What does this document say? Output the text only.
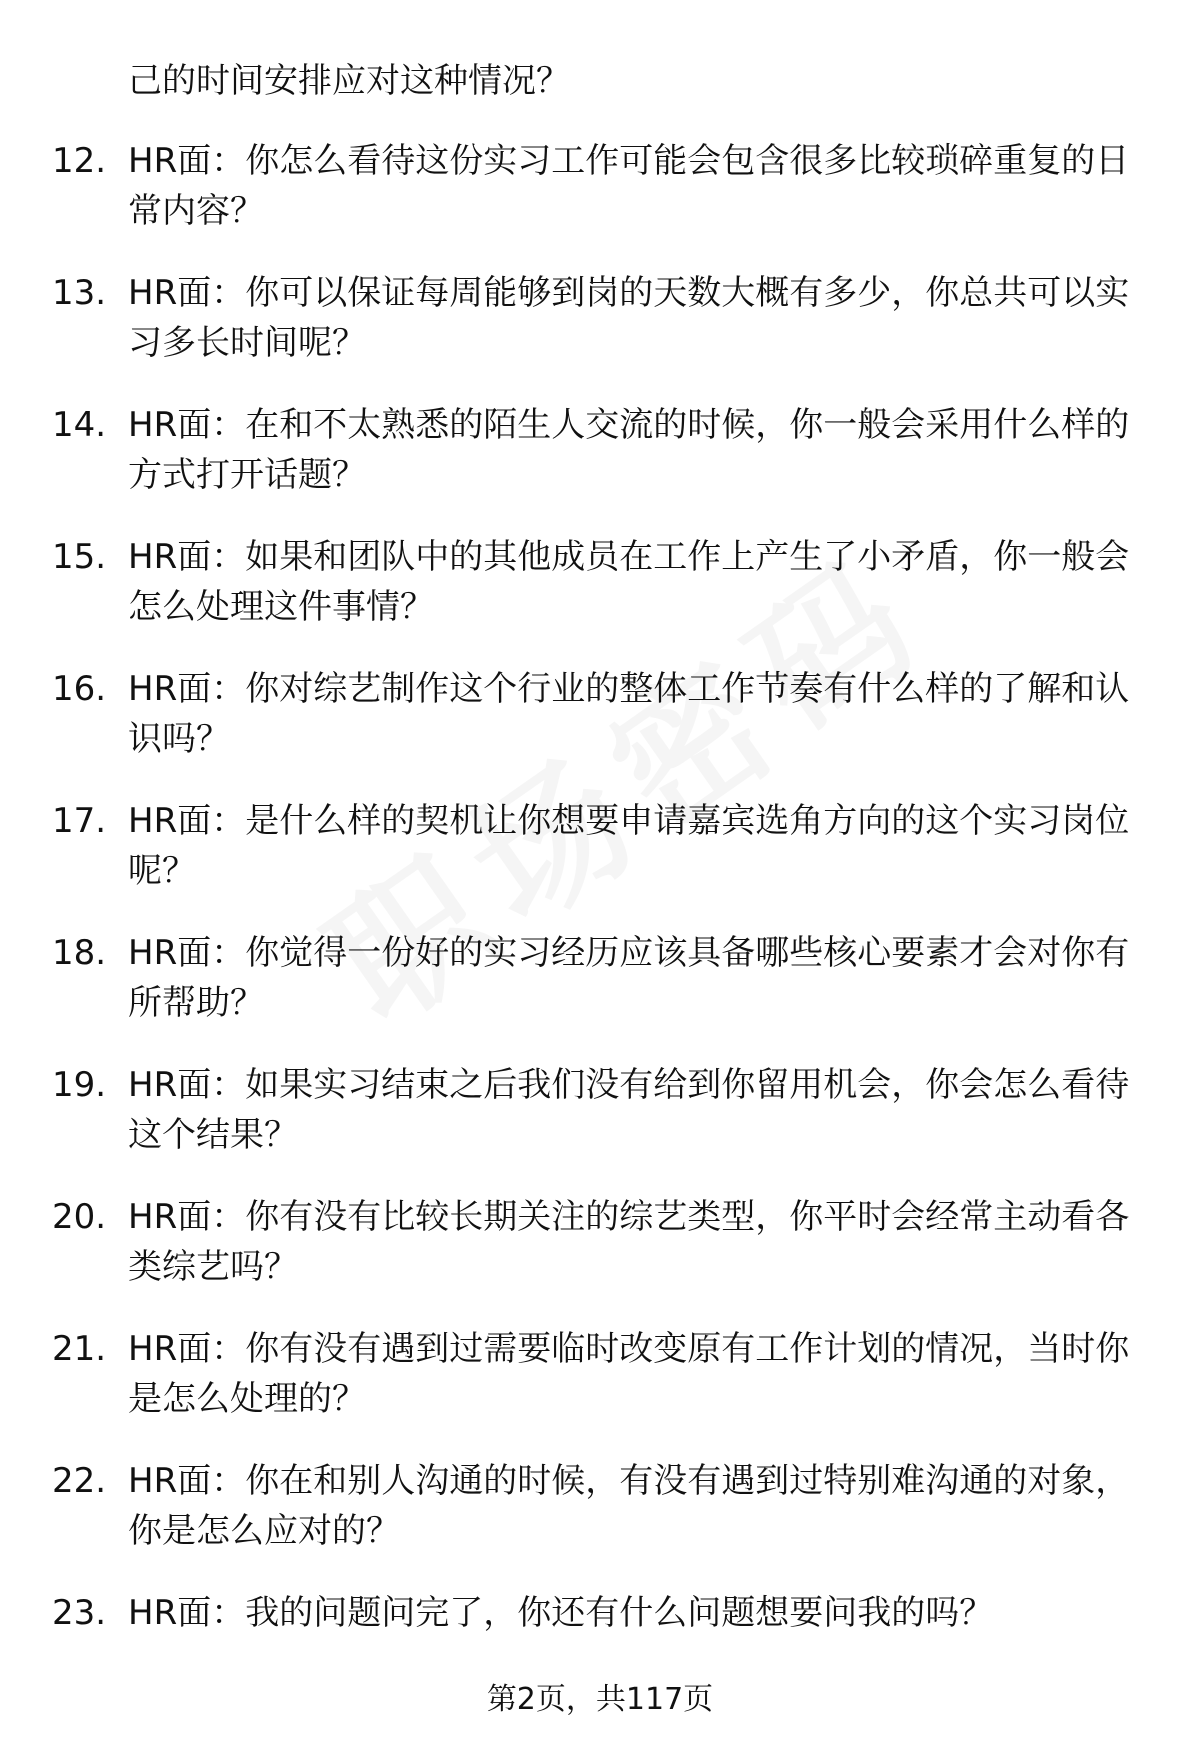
己的时间安排应对这种情况？

12. HR面：你怎么看待这份实习工作可能会包含很多比较琐碎重复的日常内容？
13. HR面：你可以保证每周能够到岗的天数大概有多少，你总共可以实习多长时间呢？
14. HR面：在和不太熟悉的陌生人交流的时候，你一般会采用什么样的方式打开话题？
15. HR面：如果和团队中的其他成员在工作上产生了小矛盾，你一般会怎么处理这件事情？
16. HR面：你对综艺制作这个行业的整体工作节奏有什么样的了解和认识吗？
17. HR面：是什么样的契机让你想要申请嘉宾选角方向的这个实习岗位呢？
18. HR面：你觉得一份好的实习经历应该具备哪些核心要素才会对你有所帮助？
19. HR面：如果实习结束之后我们没有给到你留用机会，你会怎么看待这个结果？
20. HR面：你有没有比较长期关注的综艺类型，你平时会经常主动看各类综艺吗？
21. HR面：你有没有遇到过需要临时改变原有工作计划的情况，当时你是怎么处理的？
22. HR面：你在和别人沟通的时候，有没有遇到过特别难沟通的对象，你是怎么应对的？
23. HR面：我的问题问完了，你还有什么问题想要问我的吗？
第2页，共117页
